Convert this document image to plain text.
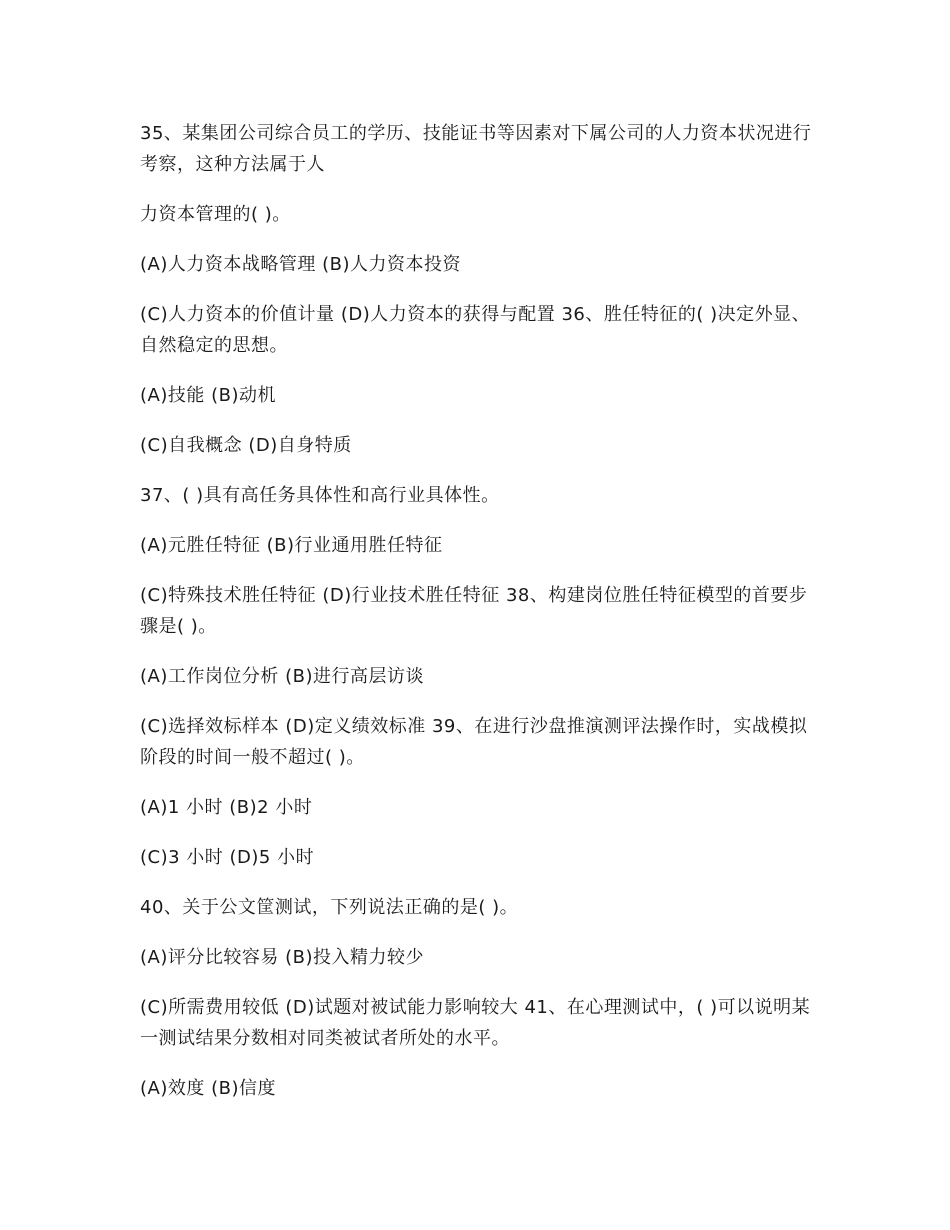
35、某集团公司综合员工的学历、技能证书等因素对下属公司的人力资本状况进行考察，这种方法属于人

力资本管理的( )。

(A)人力资本战略管理 (B)人力资本投资

(C)人力资本的价值计量 (D)人力资本的获得与配置 36、胜任特征的( )决定外显、自然稳定的思想。

(A)技能 (B)动机

(C)自我概念 (D)自身特质

37、( )具有高任务具体性和高行业具体性。

(A)元胜任特征 (B)行业通用胜任特征

(C)特殊技术胜任特征 (D)行业技术胜任特征 38、构建岗位胜任特征模型的首要步骤是( )。

(A)工作岗位分析 (B)进行高层访谈

(C)选择效标样本 (D)定义绩效标准 39、在进行沙盘推演测评法操作时，实战模拟阶段的时间一般不超过( )。

(A)1 小时 (B)2 小时

(C)3 小时 (D)5 小时

40、关于公文筐测试，下列说法正确的是( )。

(A)评分比较容易 (B)投入精力较少

(C)所需费用较低 (D)试题对被试能力影响较大 41、在心理测试中，( )可以说明某一测试结果分数相对同类被试者所处的水平。

(A)效度 (B)信度
